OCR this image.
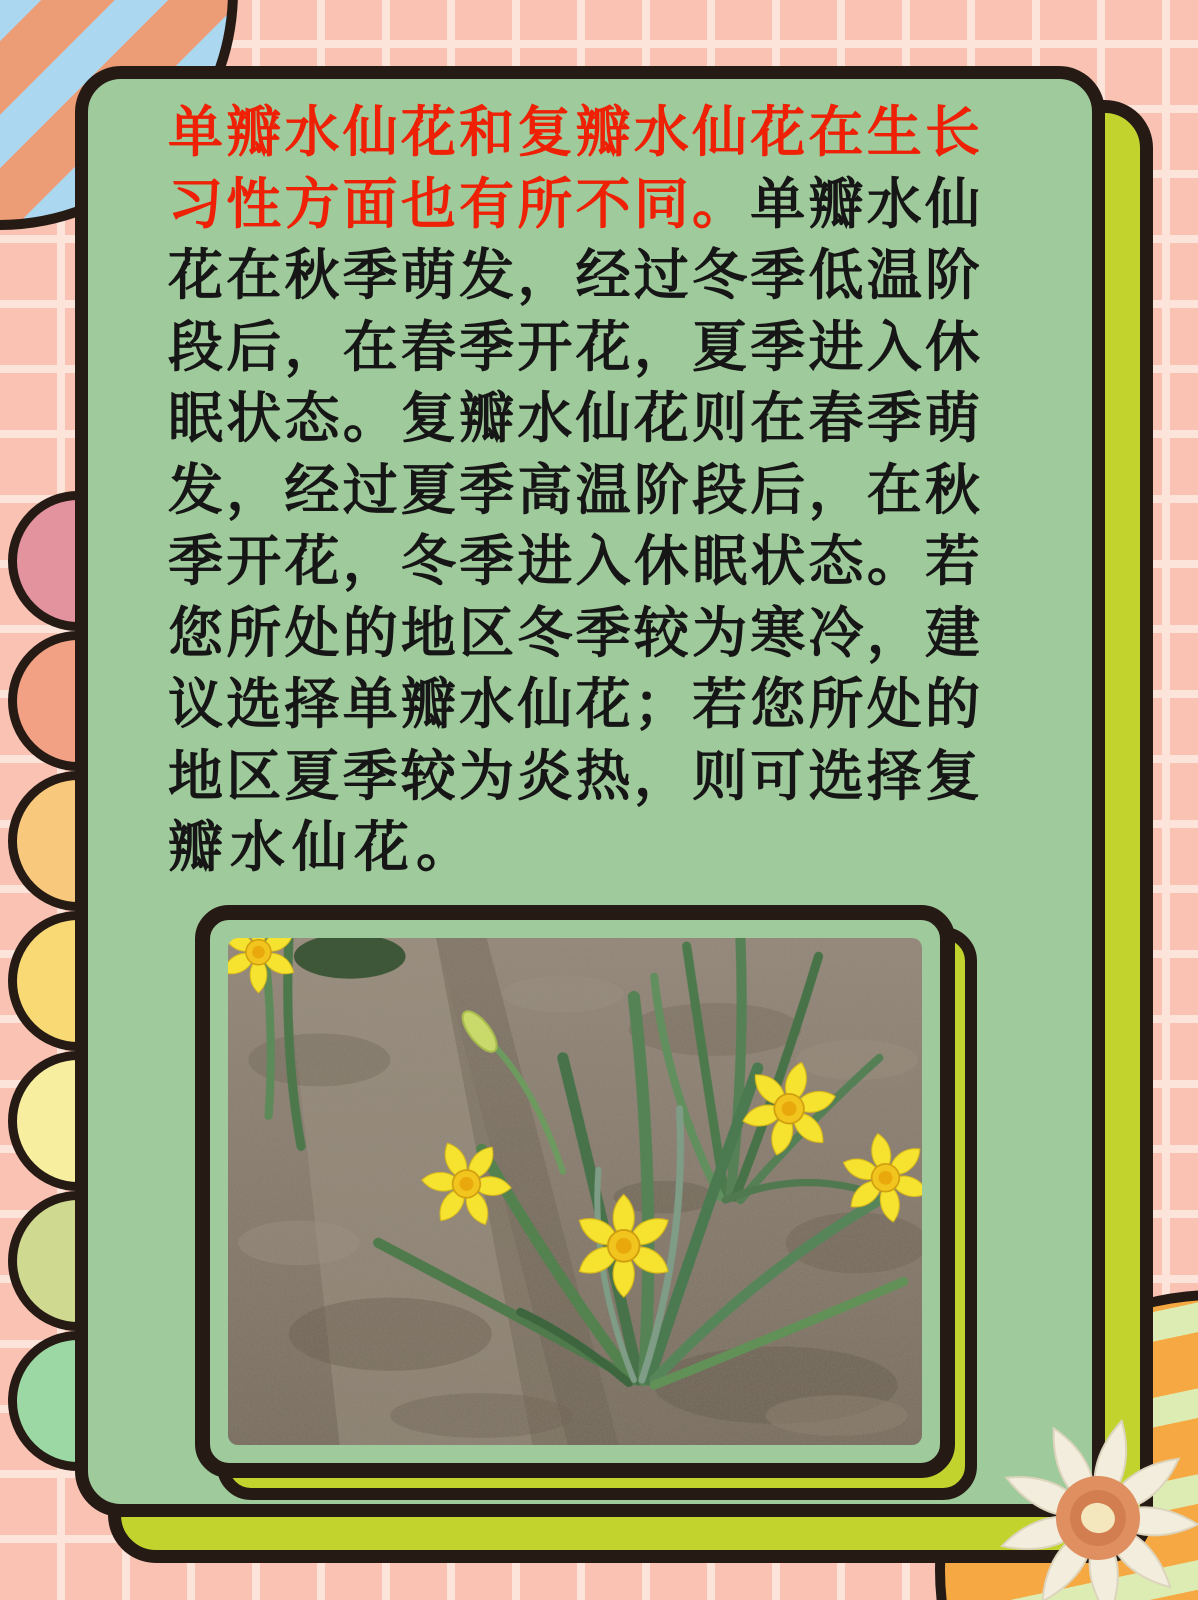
单瓣水仙花和复瓣水仙花在生长
习性方面也有所不同。单瓣水仙
花在秋季萌发，经过冬季低温阶
段后，在春季开花，夏季进入休
眠状态。复瓣水仙花则在春季萌
发，经过夏季高温阶段后，在秋
季开花，冬季进入休眠状态。若
您所处的地区冬季较为寒冷，建
议选择单瓣水仙花；若您所处的
地区夏季较为炎热，则可选择复
瓣水仙花。
